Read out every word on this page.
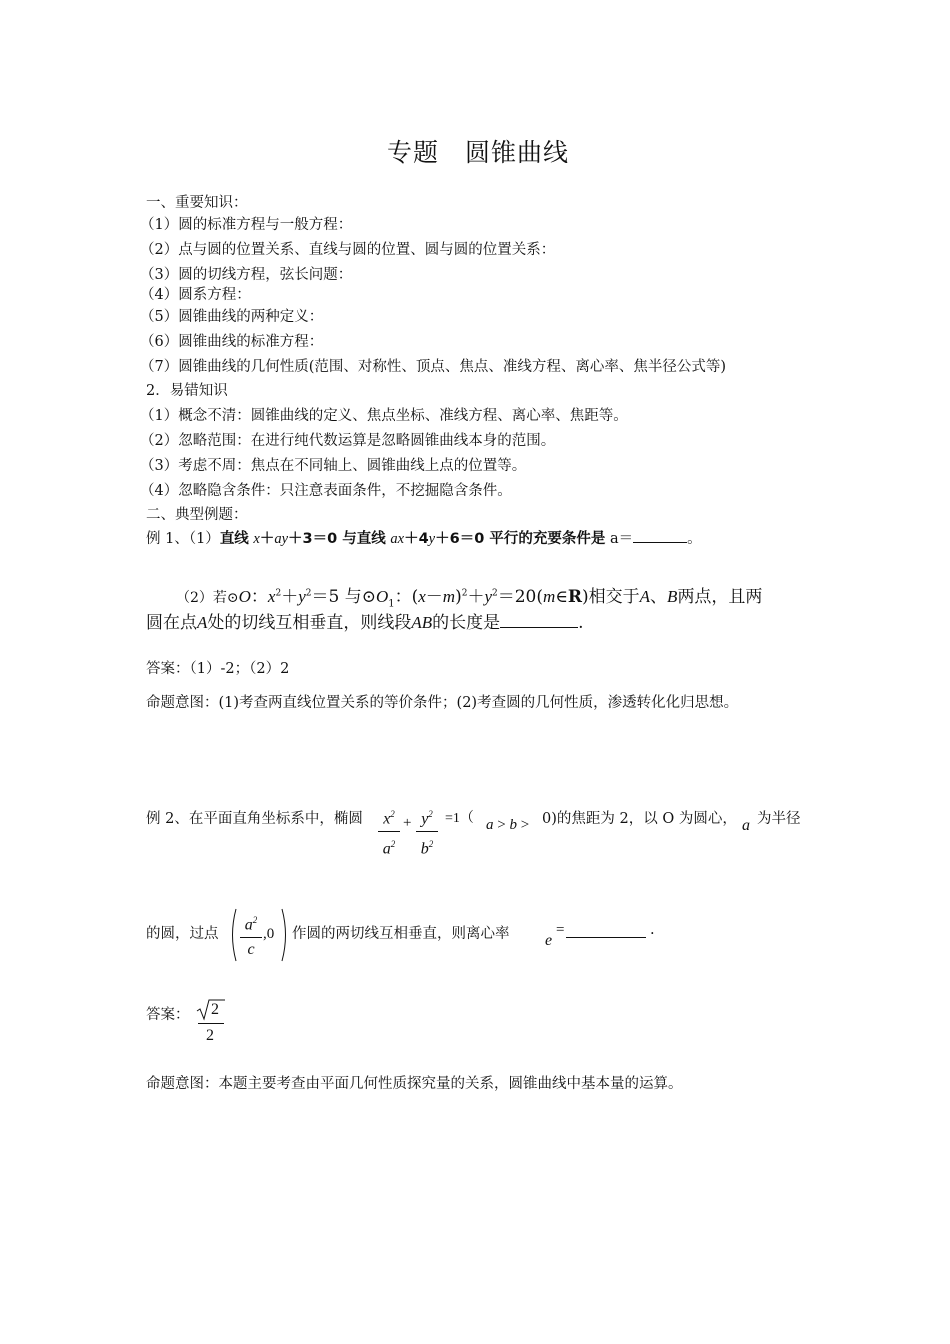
专题　圆锥曲线
一、重要知识：
（1）圆的标准方程与一般方程：
（2）点与圆的位置关系、直线与圆的位置、圆与圆的位置关系：
（3）圆的切线方程，弦长问题：
（4）圆系方程：
（5）圆锥曲线的两种定义：
（6）圆锥曲线的标准方程：
（7）圆锥曲线的几何性质(范围、对称性、顶点、焦点、准线方程、离心率、焦半径公式等)
2．易错知识
（1）概念不清：圆锥曲线的定义、焦点坐标、准线方程、离心率、焦距等。
（2）忽略范围：在进行纯代数运算是忽略圆锥曲线本身的范围。
（3）考虑不周：焦点在不同轴上、圆锥曲线上点的位置等。
（4）忽略隐含条件：只注意表面条件，不挖掘隐含条件。
二、典型例题：
例 1、（1）直线 x＋ay＋3＝0 与直线 ax＋4y＋6＝0 平行的充要条件是 a＝	。
（2）若⊙O：$x^2+y^2=5$ 与$⊙O_1$：$(x-m)^2+y^2=20(m\in R)$相交于A、B两点，且两
圆在点A处的切线互相垂直，则线段AB的长度是	.
答案：（1）-2；（2）2
命题意图：(1)考查两直线位置关系的等价条件；(2)考查圆的几何性质，渗透转化化归思想。
例 2、在平面直角坐标系中，椭圆	$x^2$
$a^2$
+ $y^2$
$b^2$
=1（ a > b > 0)的焦距为 2，以 O 为圆心， a 为半径
的圆，过点
$a^2$
c
,0 作圆的两切线互相垂直，则离心率 e
=	.
答案： 2
2
命题意图：本题主要考查由平面几何性质探究量的关系，圆锥曲线中基本量的运算。
